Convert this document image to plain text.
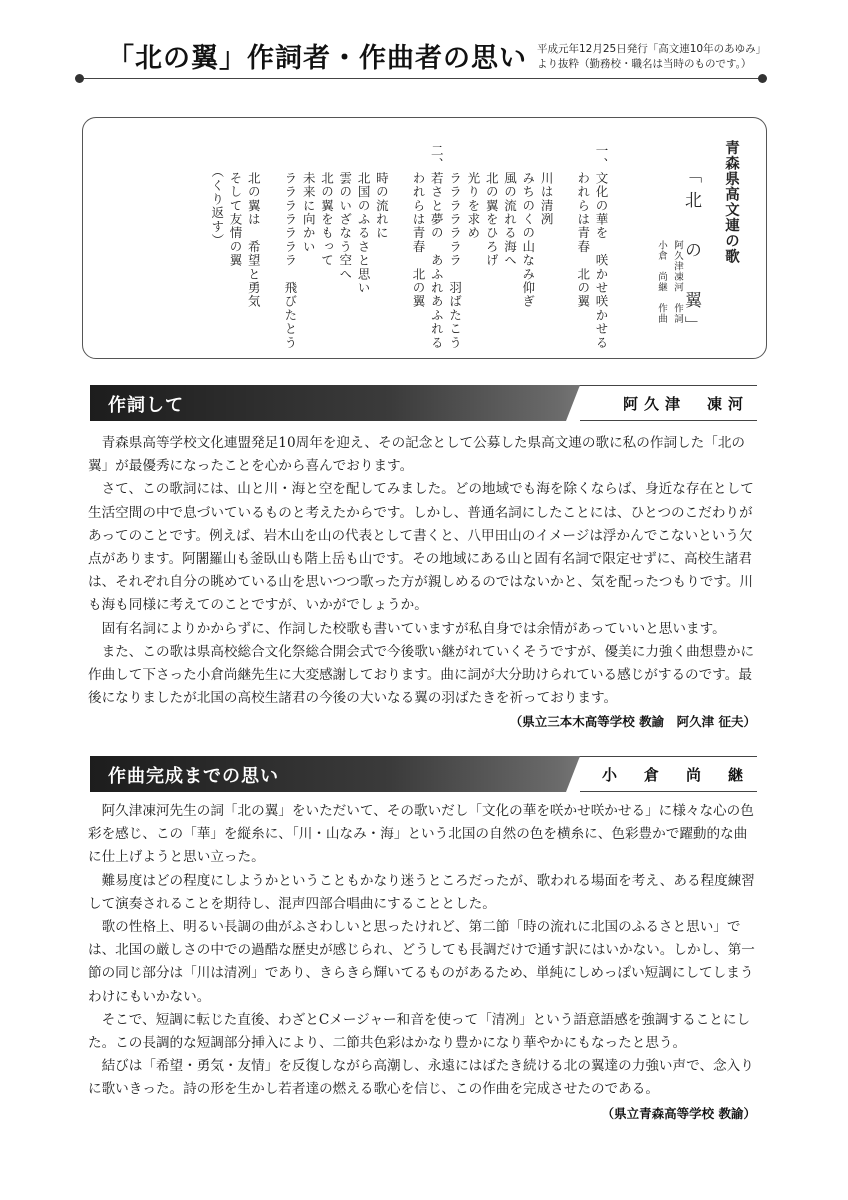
「北の翼」作詞者・作曲者の思い 平成元年12月25日発行「高文連10年のあゆみ」
より抜粋（勤務校・職名は当時のものです。）
青森県高文連の歌
「北　の　翼」
阿久津凍河　作詞
小倉　尚継　作曲
一、文化の華を　咲かせ咲かせる
　　われらは青春　北の翼
　　川は清冽
　　みちのくの山なみ仰ぎ
　　風の流れる海へ
　　北の翼をひろげ
　　光りを求め
　　ラララララララ　羽ばたこう
二、若さと夢の　あふれあふれる
　　われらは青春　北の翼
　　時の流れに
　　北国のふるさと思い
　　雲のいざなう空へ
　　北の翼をもって
　　未来に向かい
　　ラララララララ　飛びたとう
　　北の翼は　希望と勇気
　　そして友情の翼
　　（くり返す）
作詞して	阿久津　凍河

青森県高等学校文化連盟発足10周年を迎え、その記念として公募した県高文連の歌に私の作詞した「北の翼」が最優秀になったことを心から喜んでおります。

さて、この歌詞には、山と川・海と空を配してみました。どの地域でも海を除くならば、身近な存在として生活空間の中で息づいているものと考えたからです。しかし、普通名詞にしたことには、ひとつのこだわりがあってのことです。例えば、岩木山を山の代表として書くと、八甲田山のイメージは浮かんでこないという欠点があります。阿闍羅山も釜臥山も階上岳も山です。その地域にある山と固有名詞で限定せずに、高校生諸君は、それぞれ自分の眺めている山を思いつつ歌った方が親しめるのではないかと、気を配ったつもりです。川も海も同様に考えてのことですが、いかがでしょうか。

固有名詞によりかからずに、作詞した校歌も書いていますが私自身では余情があっていいと思います。

また、この歌は県高校総合文化祭総合開会式で今後歌い継がれていくそうですが、優美に力強く曲想豊かに作曲して下さった小倉尚継先生に大変感謝しております。曲に詞が大分助けられている感じがするのです。最後になりましたが北国の高校生諸君の今後の大いなる翼の羽ばたきを祈っております。

（県立三本木高等学校 教諭　阿久津 征夫）
作曲完成までの思い	小　倉　尚　継

阿久津凍河先生の詞「北の翼」をいただいて、その歌いだし「文化の華を咲かせ咲かせる」に様々な心の色彩を感じ、この「華」を縦糸に、「川・山なみ・海」という北国の自然の色を横糸に、色彩豊かで躍動的な曲に仕上げようと思い立った。

難易度はどの程度にしようかということもかなり迷うところだったが、歌われる場面を考え、ある程度練習して演奏されることを期待し、混声四部合唱曲にすることとした。

歌の性格上、明るい長調の曲がふさわしいと思ったけれど、第二節「時の流れに北国のふるさと思い」では、北国の厳しさの中での過酷な歴史が感じられ、どうしても長調だけで通す訳にはいかない。しかし、第一節の同じ部分は「川は清冽」であり、きらきら輝いてるものがあるため、単純にしめっぽい短調にしてしまうわけにもいかない。

そこで、短調に転じた直後、わざとCメージャー和音を使って「清冽」という語意語感を強調することにした。この長調的な短調部分挿入により、二節共色彩はかなり豊かになり華やかにもなったと思う。

結びは「希望・勇気・友情」を反復しながら高潮し、永遠にはばたき続ける北の翼達の力強い声で、念入りに歌いきった。詩の形を生かし若者達の燃える歌心を信じ、この作曲を完成させたのである。

（県立青森高等学校 教諭）
